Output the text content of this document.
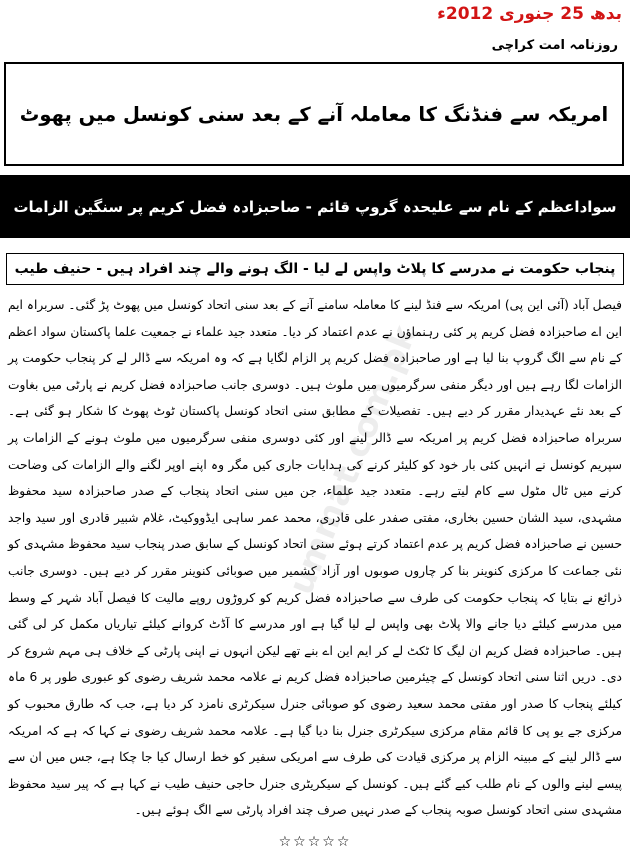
بدھ 25 جنوری 2012ء
روزنامہ امت کراچی
امریکہ سے فنڈنگ کا معاملہ آنے کے بعد سنی کونسل میں پھوٹ
سواداعظم کے نام سے علیحدہ گروپ قائم - صاحبزادہ فضل کریم پر سنگین الزامات
پنجاب حکومت نے مدرسے کا پلاٹ واپس لے لیا - الگ ہونے والے چند افراد ہیں - حنیف طیب
ummat.com.pk

فیصل آباد (آئی این پی) امریکہ سے فنڈ لینے کا معاملہ سامنے آنے کے بعد سنی اتحاد کونسل میں پھوٹ پڑ گئی۔ سربراہ ایم این اے صاحبزادہ فضل کریم پر کئی رہنماؤں نے عدم اعتماد کر دیا۔ متعدد جید علماء نے جمعیت علما پاکستان سواد اعظم کے نام سے الگ گروپ بنا لیا ہے اور صاحبزادہ فضل کریم پر الزام لگایا ہے کہ وہ امریکہ سے ڈالر لے کر پنجاب حکومت پر الزامات لگا رہے ہیں اور دیگر منفی سرگرمیوں میں ملوث ہیں۔ دوسری جانب صاحبزادہ فضل کریم نے پارٹی میں بغاوت کے بعد نئے عہدیدار مقرر کر دیے ہیں۔ تفصیلات کے مطابق سنی اتحاد کونسل پاکستان ٹوٹ پھوٹ کا شکار ہو گئی ہے۔ سربراہ صاحبزادہ فضل کریم پر امریکہ سے ڈالر لینے اور کئی دوسری منفی سرگرمیوں میں ملوث ہونے کے الزامات پر سپریم کونسل نے انہیں کئی بار خود کو کلیئر کرنے کی ہدایات جاری کیں مگر وہ اپنے اوپر لگنے والے الزامات کی وضاحت کرنے میں ٹال مٹول سے کام لیتے رہے۔ متعدد جید علماء، جن میں سنی اتحاد پنجاب کے صدر صاحبزادہ سید محفوظ مشہدی، سید الشان حسین بخاری، مفتی صفدر علی قادری، محمد عمر ساہی ایڈووکیٹ، غلام شبیر قادری اور سید واجد حسین نے صاحبزادہ فضل کریم پر عدم اعتماد کرتے ہوئے سنی اتحاد کونسل کے سابق صدر پنجاب سید محفوظ مشہدی کو نئی جماعت کا مرکزی کنوینر بنا کر چاروں صوبوں اور آزاد کشمیر میں صوبائی کنوینر مقرر کر دیے ہیں۔ دوسری جانب ذرائع نے بتایا کہ پنجاب حکومت کی طرف سے صاحبزادہ فضل کریم کو کروڑوں روپے مالیت کا فیصل آباد شہر کے وسط میں مدرسے کیلئے دیا جانے والا پلاٹ بھی واپس لے لیا گیا ہے اور مدرسے کا آڈٹ کروانے کیلئے تیاریاں مکمل کر لی گئی ہیں۔ صاحبزادہ فضل کریم ان لیگ کا ٹکٹ لے کر ایم این اے بنے تھے لیکن انہوں نے اپنی پارٹی کے خلاف ہی مہم شروع کر دی۔ دریں اثنا سنی اتحاد کونسل کے چیئرمین صاحبزادہ فضل کریم نے علامہ محمد شریف رضوی کو عبوری طور پر 6 ماہ کیلئے پنجاب کا صدر اور مفتی محمد سعید رضوی کو صوبائی جنرل سیکرٹری نامزد کر دیا ہے، جب کہ طارق محبوب کو مرکزی جے یو پی کا قائم مقام مرکزی سیکرٹری جنرل بنا دیا گیا ہے۔ علامہ محمد شریف رضوی نے کہا کہ ہے کہ امریکہ سے ڈالر لینے کے مبینہ الزام پر مرکزی قیادت کی طرف سے امریکی سفیر کو خط ارسال کیا جا چکا ہے، جس میں ان سے پیسے لینے والوں کے نام طلب کیے گئے ہیں۔ کونسل کے سیکریٹری جنرل حاجی حنیف طیب نے کہا ہے کہ پیر سید محفوظ مشہدی سنی اتحاد کونسل صوبہ پنجاب کے صدر نہیں صرف چند افراد پارٹی سے الگ ہوئے ہیں۔

☆☆☆☆☆
